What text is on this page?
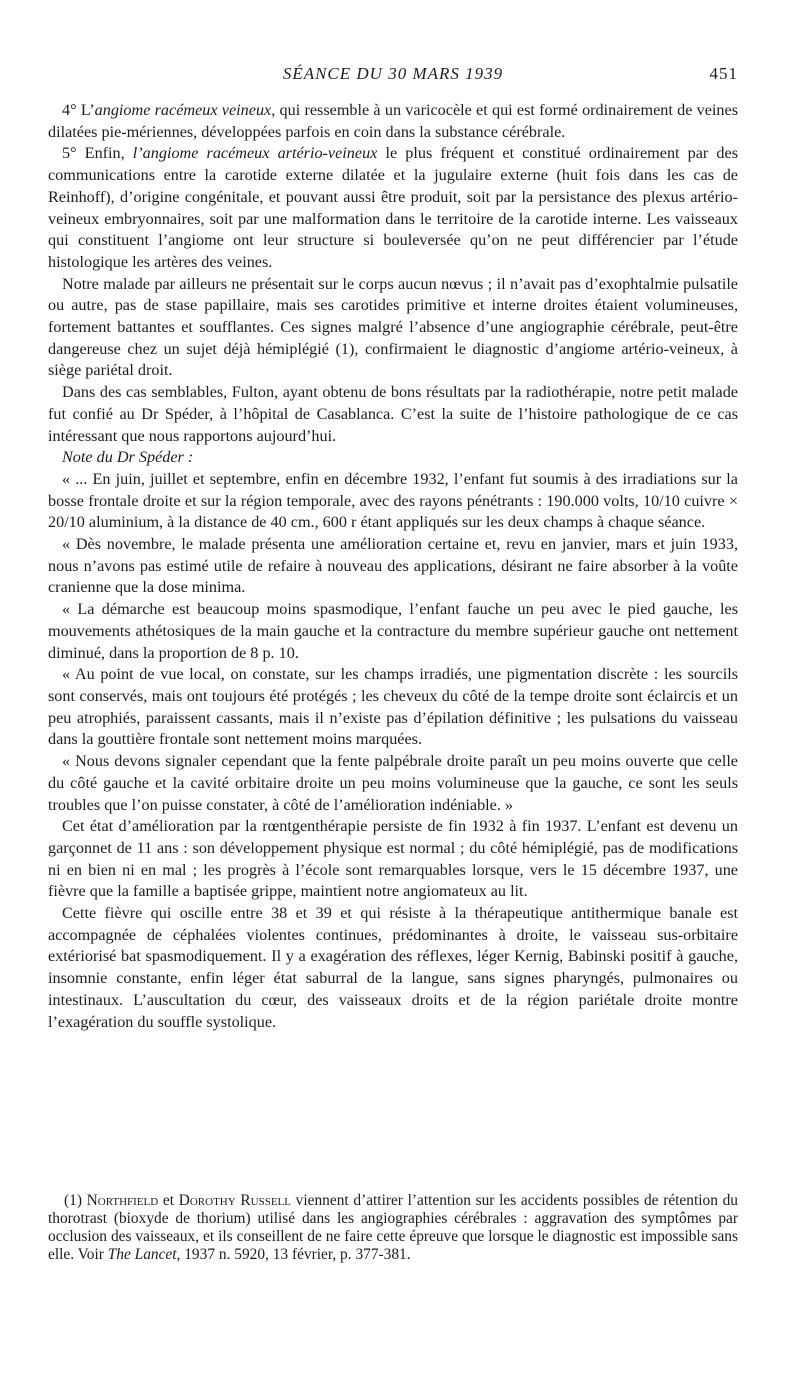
SÉANCE DU 30 MARS 1939	451

4° L’angiome racémeux veineux, qui ressemble à un varicocèle et qui est formé ordinairement de veines dilatées pie-mériennes, développées parfois en coin dans la substance cérébrale.

5° Enfin, l’angiome racémeux artério-veineux le plus fréquent et constitué ordinairement par des communications entre la carotide externe dilatée et la jugulaire externe (huit fois dans les cas de Reinhoff), d’origine congénitale, et pouvant aussi être produit, soit par la persistance des plexus artério-veineux embryonnaires, soit par une malformation dans le territoire de la carotide interne. Les vaisseaux qui constituent l’angiome ont leur structure si bouleversée qu’on ne peut différencier par l’étude histologique les artères des veines.

Notre malade par ailleurs ne présentait sur le corps aucun nœvus ; il n’avait pas d’exophtalmie pulsatile ou autre, pas de stase papillaire, mais ses carotides primitive et interne droites étaient volumineuses, fortement battantes et soufflantes. Ces signes malgré l’absence d’une angiographie cérébrale, peut-être dangereuse chez un sujet déjà hémiplégié (1), confirmaient le diagnostic d’angiome artério-veineux, à siège pariétal droit.

Dans des cas semblables, Fulton, ayant obtenu de bons résultats par la radiothérapie, notre petit malade fut confié au Dr Spéder, à l’hôpital de Casablanca. C’est la suite de l’histoire pathologique de ce cas intéressant que nous rapportons aujourd’hui.

Note du Dr Spéder :

« ... En juin, juillet et septembre, enfin en décembre 1932, l’enfant fut soumis à des irradiations sur la bosse frontale droite et sur la région temporale, avec des rayons pénétrants : 190.000 volts, 10/10 cuivre × 20/10 aluminium, à la distance de 40 cm., 600 r étant appliqués sur les deux champs à chaque séance.

« Dès novembre, le malade présenta une amélioration certaine et, revu en janvier, mars et juin 1933, nous n’avons pas estimé utile de refaire à nouveau des applications, désirant ne faire absorber à la voûte cranienne que la dose minima.

« La démarche est beaucoup moins spasmodique, l’enfant fauche un peu avec le pied gauche, les mouvements athétosiques de la main gauche et la contracture du membre supérieur gauche ont nettement diminué, dans la proportion de 8 p. 10.

« Au point de vue local, on constate, sur les champs irradiés, une pigmentation discrète : les sourcils sont conservés, mais ont toujours été protégés ; les cheveux du côté de la tempe droite sont éclaircis et un peu atrophiés, paraissent cassants, mais il n’existe pas d’épilation définitive ; les pulsations du vaisseau dans la gouttière frontale sont nettement moins marquées.

« Nous devons signaler cependant que la fente palpébrale droite paraît un peu moins ouverte que celle du côté gauche et la cavité orbitaire droite un peu moins volumineuse que la gauche, ce sont les seuls troubles que l’on puisse constater, à côté de l’amélioration indéniable. »

Cet état d’amélioration par la rœntgenthérapie persiste de fin 1932 à fin 1937. L’enfant est devenu un garçonnet de 11 ans : son développement physique est normal ; du côté hémiplégié, pas de modifications ni en bien ni en mal ; les progrès à l’école sont remarquables lorsque, vers le 15 décembre 1937, une fièvre que la famille a baptisée grippe, maintient notre angiomateux au lit.

Cette fièvre qui oscille entre 38 et 39 et qui résiste à la thérapeutique antithermique banale est accompagnée de céphalées violentes continues, prédominantes à droite, le vaisseau sus-orbitaire extériorisé bat spasmodiquement. Il y a exagération des réflexes, léger Kernig, Babinski positif à gauche, insomnie constante, enfin léger état saburral de la langue, sans signes pharyngés, pulmonaires ou intestinaux. L’auscultation du cœur, des vaisseaux droits et de la région pariétale droite montre l’exagération du souffle systolique.

(1) Northfield et Dorothy Russell viennent d’attirer l’attention sur les accidents possibles de rétention du thorotrast (bioxyde de thorium) utilisé dans les angiographies cérébrales : aggravation des symptômes par occlusion des vaisseaux, et ils conseillent de ne faire cette épreuve que lorsque le diagnostic est impossible sans elle. Voir The Lancet, 1937 n. 5920, 13 février, p. 377-381.
